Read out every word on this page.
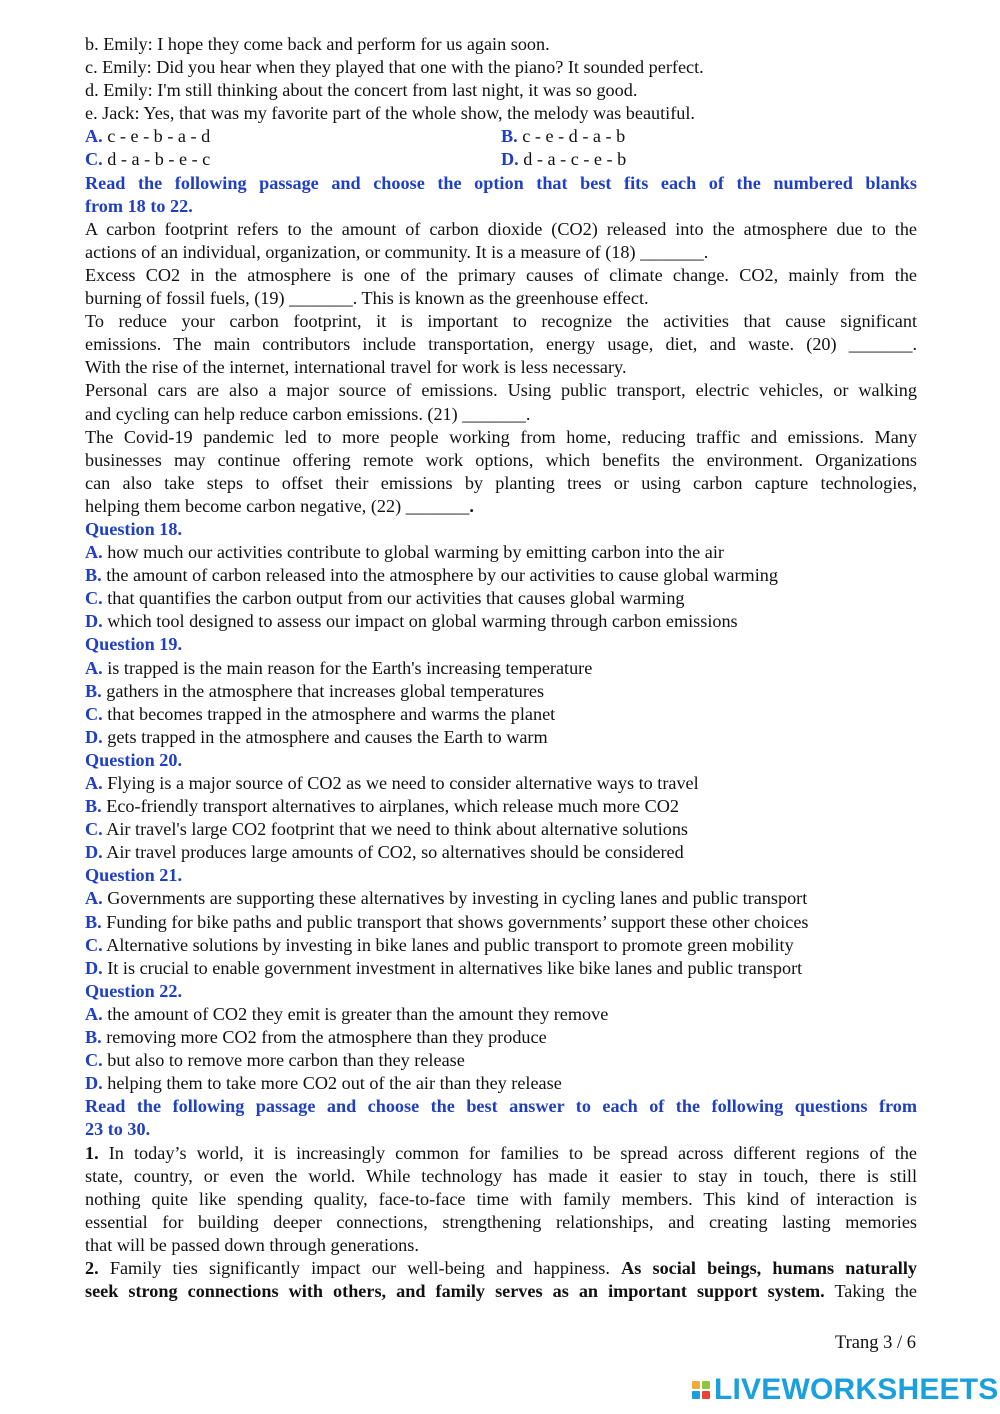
b. Emily: I hope they come back and perform for us again soon.
c. Emily: Did you hear when they played that one with the piano? It sounded perfect.
d. Emily: I'm still thinking about the concert from last night, it was so good.
e. Jack: Yes, that was my favorite part of the whole show, the melody was beautiful.
A. c - e - b - a - d	B. c - e - d - a - b
C. d - a - b - e - c	D. d - a - c - e - b
Read the following passage and choose the option that best fits each of the numbered blanks
from 18 to 22.
A carbon footprint refers to the amount of carbon dioxide (CO2) released into the atmosphere due to the
actions of an individual, organization, or community. It is a measure of (18) _______.
Excess CO2 in the atmosphere is one of the primary causes of climate change. CO2, mainly from the
burning of fossil fuels, (19) _______. This is known as the greenhouse effect.
To reduce your carbon footprint, it is important to recognize the activities that cause significant
emissions. The main contributors include transportation, energy usage, diet, and waste. (20) _______.
With the rise of the internet, international travel for work is less necessary.
Personal cars are also a major source of emissions. Using public transport, electric vehicles, or walking
and cycling can help reduce carbon emissions. (21) _______.
The Covid-19 pandemic led to more people working from home, reducing traffic and emissions. Many
businesses may continue offering remote work options, which benefits the environment. Organizations
can also take steps to offset their emissions by planting trees or using carbon capture technologies,
helping them become carbon negative, (22) _______.
Question 18.
A. how much our activities contribute to global warming by emitting carbon into the air
B. the amount of carbon released into the atmosphere by our activities to cause global warming
C. that quantifies the carbon output from our activities that causes global warming
D. which tool designed to assess our impact on global warming through carbon emissions
Question 19.
A. is trapped is the main reason for the Earth's increasing temperature
B. gathers in the atmosphere that increases global temperatures
C. that becomes trapped in the atmosphere and warms the planet
D. gets trapped in the atmosphere and causes the Earth to warm
Question 20.
A. Flying is a major source of CO2 as we need to consider alternative ways to travel
B. Eco-friendly transport alternatives to airplanes, which release much more CO2
C. Air travel's large CO2 footprint that we need to think about alternative solutions
D. Air travel produces large amounts of CO2, so alternatives should be considered
Question 21.
A. Governments are supporting these alternatives by investing in cycling lanes and public transport
B. Funding for bike paths and public transport that shows governments’ support these other choices
C. Alternative solutions by investing in bike lanes and public transport to promote green mobility
D. It is crucial to enable government investment in alternatives like bike lanes and public transport
Question 22.
A. the amount of CO2 they emit is greater than the amount they remove
B. removing more CO2 from the atmosphere than they produce
C. but also to remove more carbon than they release
D. helping them to take more CO2 out of the air than they release
Read the following passage and choose the best answer to each of the following questions from
23 to 30.
1. In today’s world, it is increasingly common for families to be spread across different regions of the
state, country, or even the world. While technology has made it easier to stay in touch, there is still
nothing quite like spending quality, face-to-face time with family members. This kind of interaction is
essential for building deeper connections, strengthening relationships, and creating lasting memories
that will be passed down through generations.
2. Family ties significantly impact our well-being and happiness. As social beings, humans naturally
seek strong connections with others, and family serves as an important support system. Taking the
Trang 3 / 6
LIVEWORKSHEETS
